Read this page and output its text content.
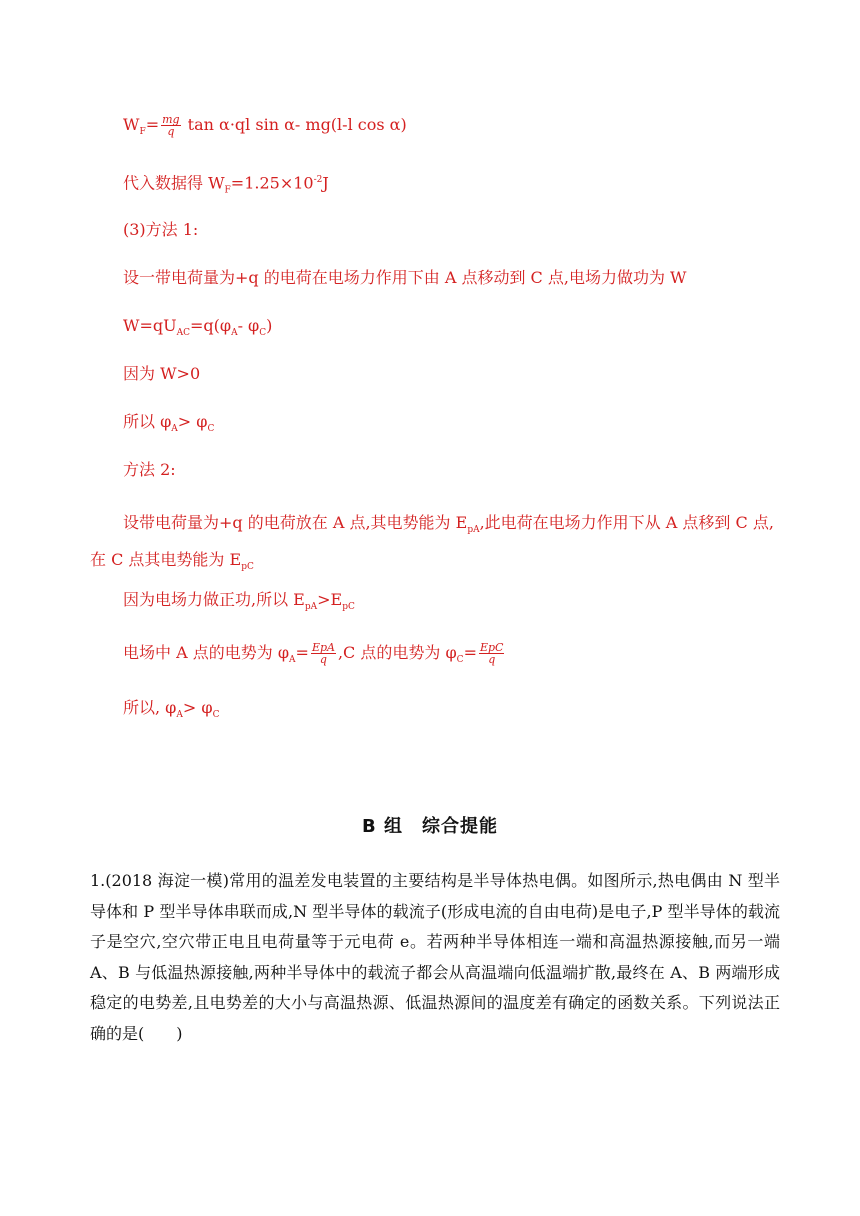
$W_F= \frac{mg}{q}$ tan α·ql sin α- mg(l-l cos α)
代入数据得 $W_F=1.25\times 10^{-2}J$
(3)方法 1:
设一带电荷量为+q 的电荷在电场力作用下由 A 点移动到 C 点,电场力做功为 W
$W=qU_{AC}=q(\varphi_A-$ $\varphi_C$)
因为 W>0
所以 $\varphi_A> \varphi_C$
方法 2:
设带电荷量为+q 的电荷放在 A 点,其电势能为 $E_{pA}$,此电荷在电场力作用下从 A 点移到 C 点,在 C 点其电势能为 $E_{pC}$
因为电场力做正功,所以 $E_{pA}>E_{pC}$
电场中 A 点的电势为 $\varphi_A= \frac{\text{EpA}}{q} ,C$ 点的电势为 $\varphi_C= \frac{\text{EpC}}{q}$
所以, $\varphi_A> \varphi_C$
B 组　综合提能
1.(2018 海淀一模)常用的温差发电装置的主要结构是半导体热电偶。如图所示,热电偶由 N 型半导体和 P 型半导体串联而成,N 型半导体的载流子(形成电流的自由电荷)是电子,P 型半导体的载流子是空穴,空穴带正电且电荷量等于元电荷 e。若两种半导体相连一端和高温热源接触,而另一端 A、B 与低温热源接触,两种半导体中的载流子都会从高温端向低温端扩散,最终在 A、B 两端形成稳定的电势差,且电势差的大小与高温热源、低温热源间的温度差有确定的函数关系。下列说法正确的是(　　)
